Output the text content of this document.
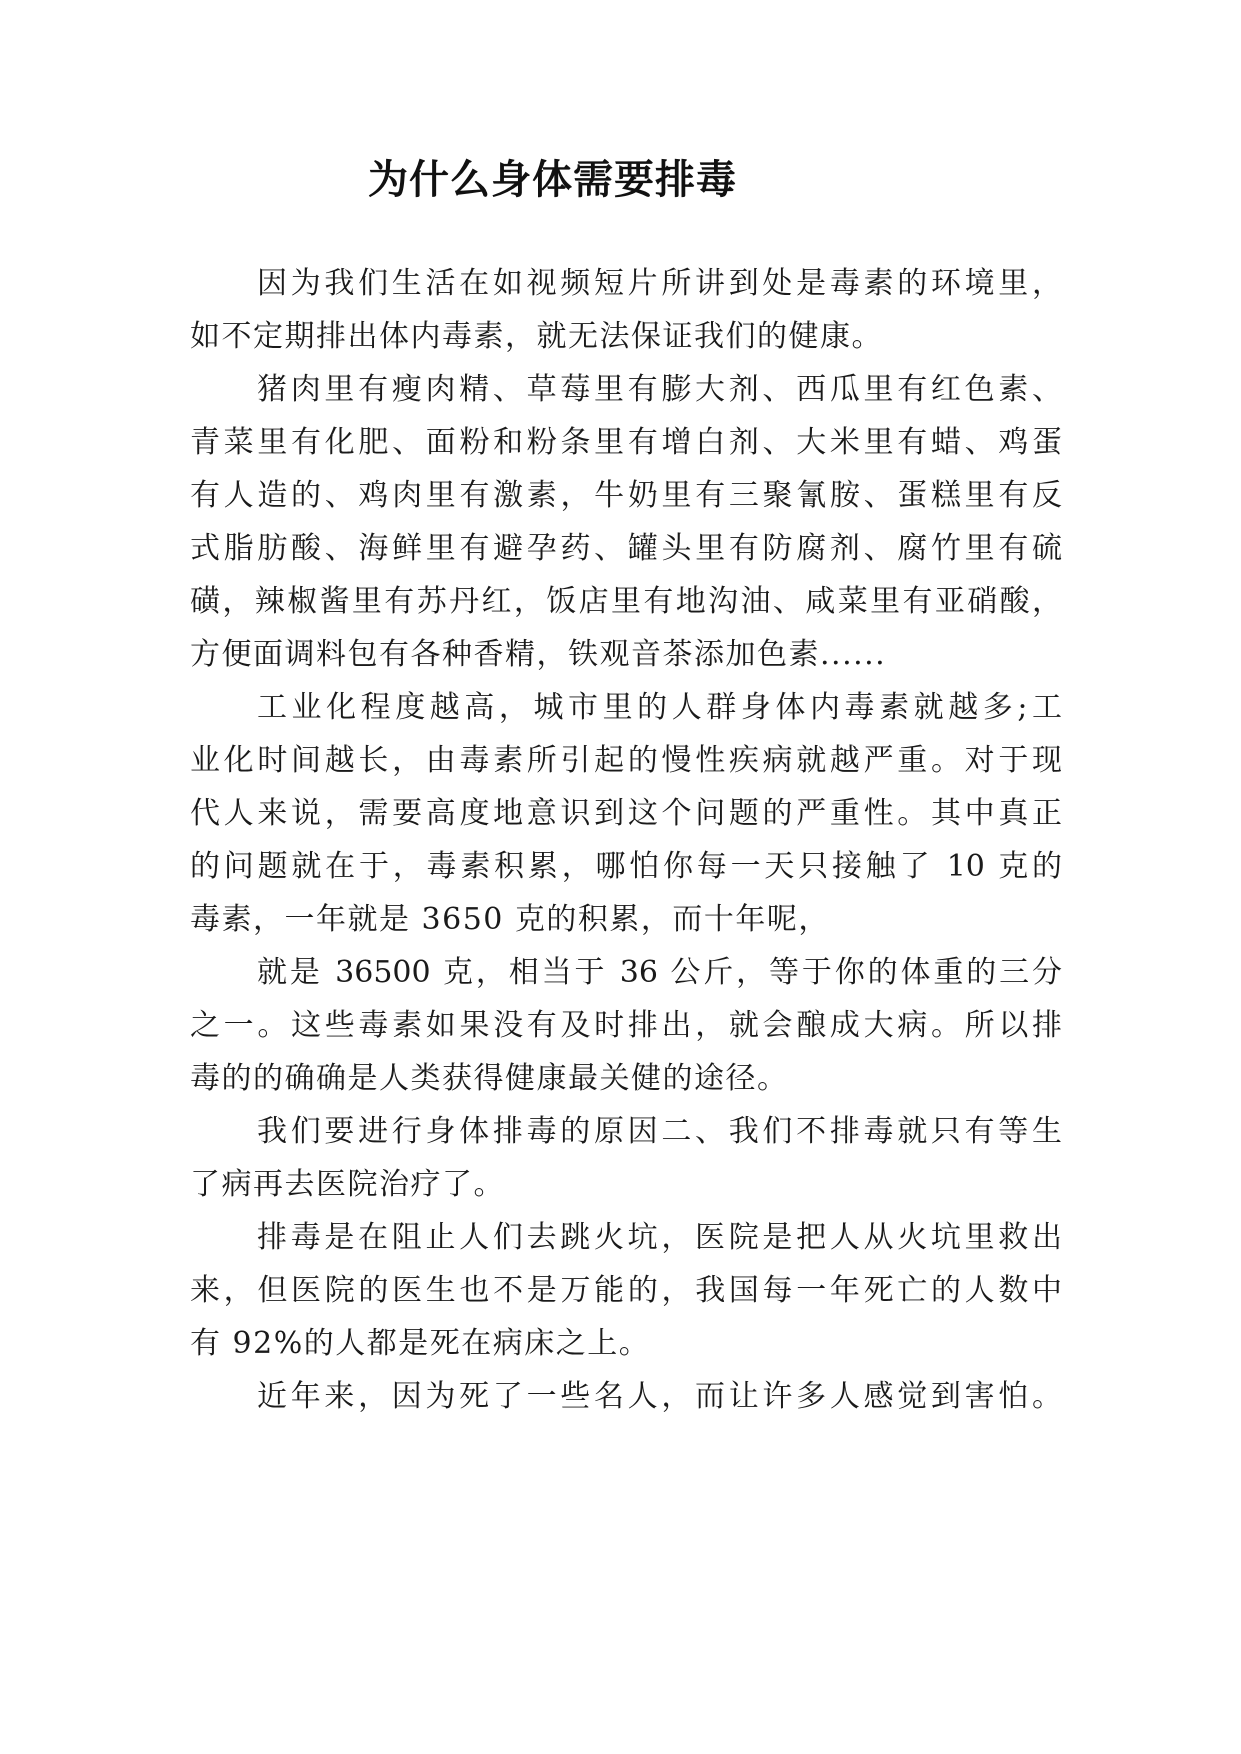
为什么身体需要排毒
因为我们生活在如视频短片所讲到处是毒素的环境里，
如不定期排出体内毒素，就无法保证我们的健康。
猪肉里有瘦肉精、草莓里有膨大剂、西瓜里有红色素、
青菜里有化肥、面粉和粉条里有增白剂、大米里有蜡、鸡蛋
有人造的、鸡肉里有激素，牛奶里有三聚氰胺、蛋糕里有反
式脂肪酸、海鲜里有避孕药、罐头里有防腐剂、腐竹里有硫
磺，辣椒酱里有苏丹红，饭店里有地沟油、咸菜里有亚硝酸，
方便面调料包有各种香精，铁观音茶添加色素......
工业化程度越高，城市里的人群身体内毒素就越多;工
业化时间越长，由毒素所引起的慢性疾病就越严重。对于现
代人来说，需要高度地意识到这个问题的严重性。其中真正
的问题就在于，毒素积累，哪怕你每一天只接触了 10 克的
毒素，一年就是 3650 克的积累，而十年呢，
就是 36500 克，相当于 36 公斤，等于你的体重的三分
之一。这些毒素如果没有及时排出，就会酿成大病。所以排
毒的的确确是人类获得健康最关健的途径。
我们要进行身体排毒的原因二、我们不排毒就只有等生
了病再去医院治疗了。
排毒是在阻止人们去跳火坑，医院是把人从火坑里救出
来，但医院的医生也不是万能的，我国每一年死亡的人数中
有 92%的人都是死在病床之上。
近年来，因为死了一些名人，而让许多人感觉到害怕。
